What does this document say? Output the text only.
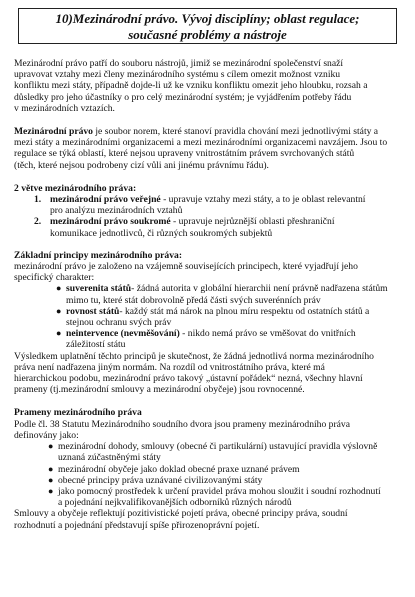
10)Mezinárodní právo. Vývoj disciplíny; oblast regulace;
současné problémy a nástroje
Mezinárodní právo patří do souboru nástrojů, jimiž se mezinárodní společenství snaží
upravovat vztahy mezi členy mezinárodního systému s cílem omezit možnost vzniku
konfliktu mezi státy, případně dojde-li už ke vzniku konfliktu omezit jeho hloubku, rozsah a
důsledky pro jeho účastníky o pro celý mezinárodní systém; je vyjádřením potřeby řádu
v mezinárodních vztazích.
Mezinárodní právo je soubor norem, které stanoví pravidla chování mezi jednotlivými státy a
mezi státy a mezinárodními organizacemi a mezi mezinárodními organizacemi navzájem. Jsou to
regulace se týká oblastí, které nejsou upraveny vnitrostátním právem svrchovaných států
(těch, které nejsou podrobeny cizí vůli ani jinému právnímu řádu).
2 větve mezinárodního práva:
1. mezinárodní právo veřejné - upravuje vztahy mezi státy, a to je oblast relevantní
pro analýzu mezinárodních vztahů
2. mezinárodní právo soukromé - upravuje nejrůznější oblasti přeshraniční
komunikace jednotlivců, či různých soukromých subjektů
Základní principy mezinárodního práva:
mezinárodní právo je založeno na vzájemně souvisejících principech, které vyjadřují jeho
specifický charakter:
● suverenita států- žádná autorita v globální hierarchii není právně nadřazena státům
mimo tu, které stát dobrovolně předá části svých suverénních práv
● rovnost států- každý stát má nárok na plnou míru respektu od ostatních států a
stejnou ochranu svých práv
● neintervence (nevměšování) - nikdo nemá právo se vměšovat do vnitřních
záležitostí státu
Výsledkem uplatnění těchto principů je skutečnost, že žádná jednotlivá norma mezinárodního
práva není nadřazena jiným normám. Na rozdíl od vnitrostátního práva, které má
hierarchickou podobu, mezinárodní právo takový „ústavní pořádek“ nezná, všechny hlavní
prameny (tj.mezinárodní smlouvy a mezinárodní obyčeje) jsou rovnocenné.
Prameny mezinárodního práva
Podle čl. 38 Statutu Mezinárodního soudního dvora jsou prameny mezinárodního práva
definovány jako:
● mezinárodní dohody, smlouvy (obecné či partikulární) ustavující pravidla výslovně
uznaná zúčastněnými státy
● mezinárodní obyčeje jako doklad obecné praxe uznané právem
● obecné principy práva uznávané civilizovanými státy
● jako pomocný prostředek k určení pravidel práva mohou sloužit i soudní rozhodnutí
a pojednání nejkvalifikovanějších odborníků různých národů
Smlouvy a obyčeje reflektují pozitivistické pojetí práva, obecné principy práva, soudní
rozhodnutí a pojednání představují spíše přirozenoprávní pojetí.
